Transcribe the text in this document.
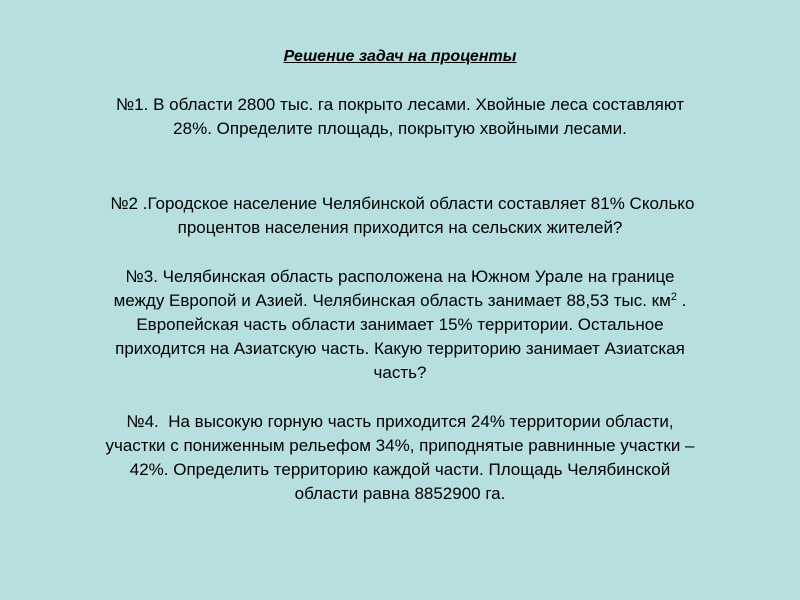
Решение задач на проценты
№1. В области 2800 тыс. га покрыто лесами. Хвойные леса составляют
28%. Определите площадь, покрытую хвойными лесами.
№2 .Городское население Челябинской области составляет 81% Сколько
процентов населения приходится на сельских жителей?
№3. Челябинская область расположена на Южном Урале на границе
между Европой и Азией. Челябинская область занимает 88,53 тыс. $км^2$ .
Европейская часть области занимает 15% территории. Остальное
приходится на Азиатскую часть. Какую территорию занимает Азиатская
часть?
№4.  На высокую горную часть приходится 24% территории области,
участки с пониженным рельефом 34%, приподнятые равнинные участки –
42%. Определить территорию каждой части. Площадь Челябинской
области равна 8852900 га.
